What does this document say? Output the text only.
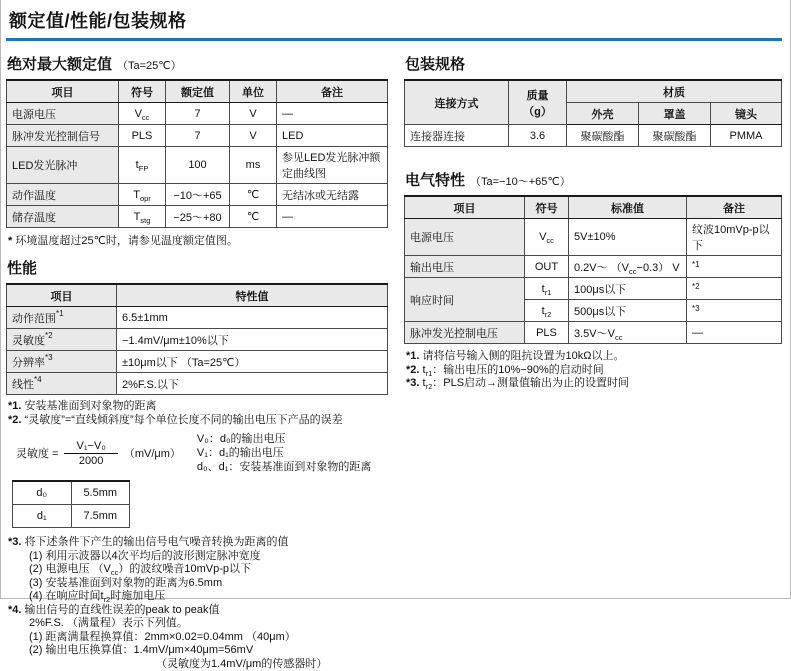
额定值/性能/包装规格
绝对最大额定值 （Ta=25℃）
项目	符号	额定值	单位	备注
电源电压	$V_{cc}$	7	V	—
脉冲发光控制信号	PLS	7	V	LED
LED发光脉冲	$t_{FP}$	100	ms	参见LED发光脉冲额定曲线图
动作温度	$T_{opr}$	−10～+65	℃	无结冰或无结露
储存温度	$T_{stg}$	−25～+80	℃	—
* 环境温度超过25℃时，请参见温度额定值图。
性能
项目	特性值
动作范围$^{*1}$	6.5±1mm
灵敏度$^{*2}$	−1.4mV/μm±10%以下
分辨率$^{*3}$	±10μm以下 （Ta=25℃）
线性$^{*4}$	2%F.S.以下
*1. 安装基准面到对象物的距离
*2. “灵敏度”=“直线倾斜度”每个单位长度不同的输出电压下产品的误差
灵敏度 = $\frac{\text{V₁−V₀}}{2000} (mV/\mu m)$
V₀：d₀的输出电压
V₁：d₁的输出电压
d₀、d₁：安装基准面到对象物的距离
d₀	5.5mm
d₁	7.5mm
*3. 将下述条件下产生的输出信号电气噪音转换为距离的值
(1) 利用示波器以4次平均后的波形测定脉冲宽度
(2) 电源电压 $(V_{cc})$的波纹噪音10mVp-p以下
(3) 安装基准面到对象物的距离为6.5mm
(4) 在响应时间$t_{r2}$时施加电压
*4. 输出信号的直线性误差的peak to peak值
2%F.S. （满量程）表示下列值。
(1) 距离满量程换算值：2mm×0.02=0.04mm （40μm）
(2) 输出电压换算值：1.4mV/μm×40μm=56mV
（灵敏度为1.4mV/μm的传感器时）
包装规格
连接方式	质量 （g）	材质		
		外壳	罩盖	镜头
连接器连接	3.6	聚碳酸酯	聚碳酸酯	PMMA
电气特性 （Ta=−10～+65℃）
项目	符号	标准值	备注
电源电压	$V_{cc}$	5V±10%	纹波10mVp-p以下
输出电压	OUT	0.2V～ $(V_{cc}-0.3)$ V	$^{*1}$
响应时间	$t_{r1}$	100μs以下	$^{*2}$
	$t_{r2}$	500μs以下	$^{*3}$
脉冲发光控制电压	PLS	$3.5V\sim V_{cc}$	—
*1. 请将信号输入侧的阻抗设置为10kΩ以上。
*2. $t_{r1}$：输出电压的10%−90%的启动时间
*3. $t_{r2}$：PLS启动→测量值输出为止的设置时间
